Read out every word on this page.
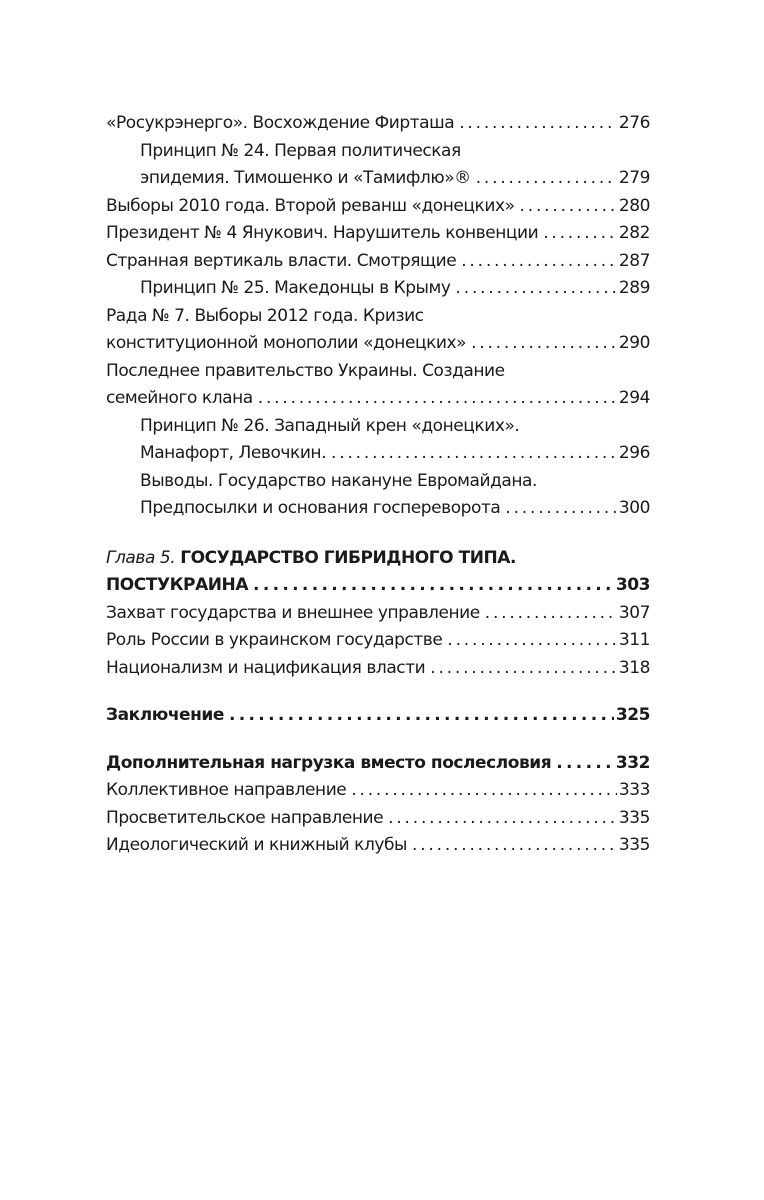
«Росукрэнерго». Восхождение Фирташа . . .	276
Принцип № 24. Первая политическая
эпидемия. Тимошенко и «Тамифлю»® . . .	279
Выборы 2010 года. Второй реванш «донецких» . . .	280
Президент № 4 Янукович. Нарушитель конвенции . . .	282
Странная вертикаль власти. Смотрящие . . .	287
Принцип № 25. Македонцы в Крыму . . .	289
Рада № 7. Выборы 2012 года. Кризис
конституционной монополии «донецких» . . .	290
Последнее правительство Украины. Создание
семейного клана . . .	294
Принцип № 26. Западный крен «донецких».
Манафорт, Левочкин. . . .	296
Выводы. Государство накануне Евромайдана.
Предпосылки и основания госпереворота . . .	300
Глава 5. ГОСУДАРСТВО ГИБРИДНОГО ТИПА.
ПОСТУКРАИНА . . .	303
Захват государства и внешнее управление . . .	307
Роль России в украинском государстве . . .	311
Национализм и нацификация власти . . .	318
Заключение . . .	325
Дополнительная нагрузка вместо послесловия . . .	332
Коллективное направление . . .	333
Просветительское направление . . .	335
Идеологический и книжный клубы . . .	335
